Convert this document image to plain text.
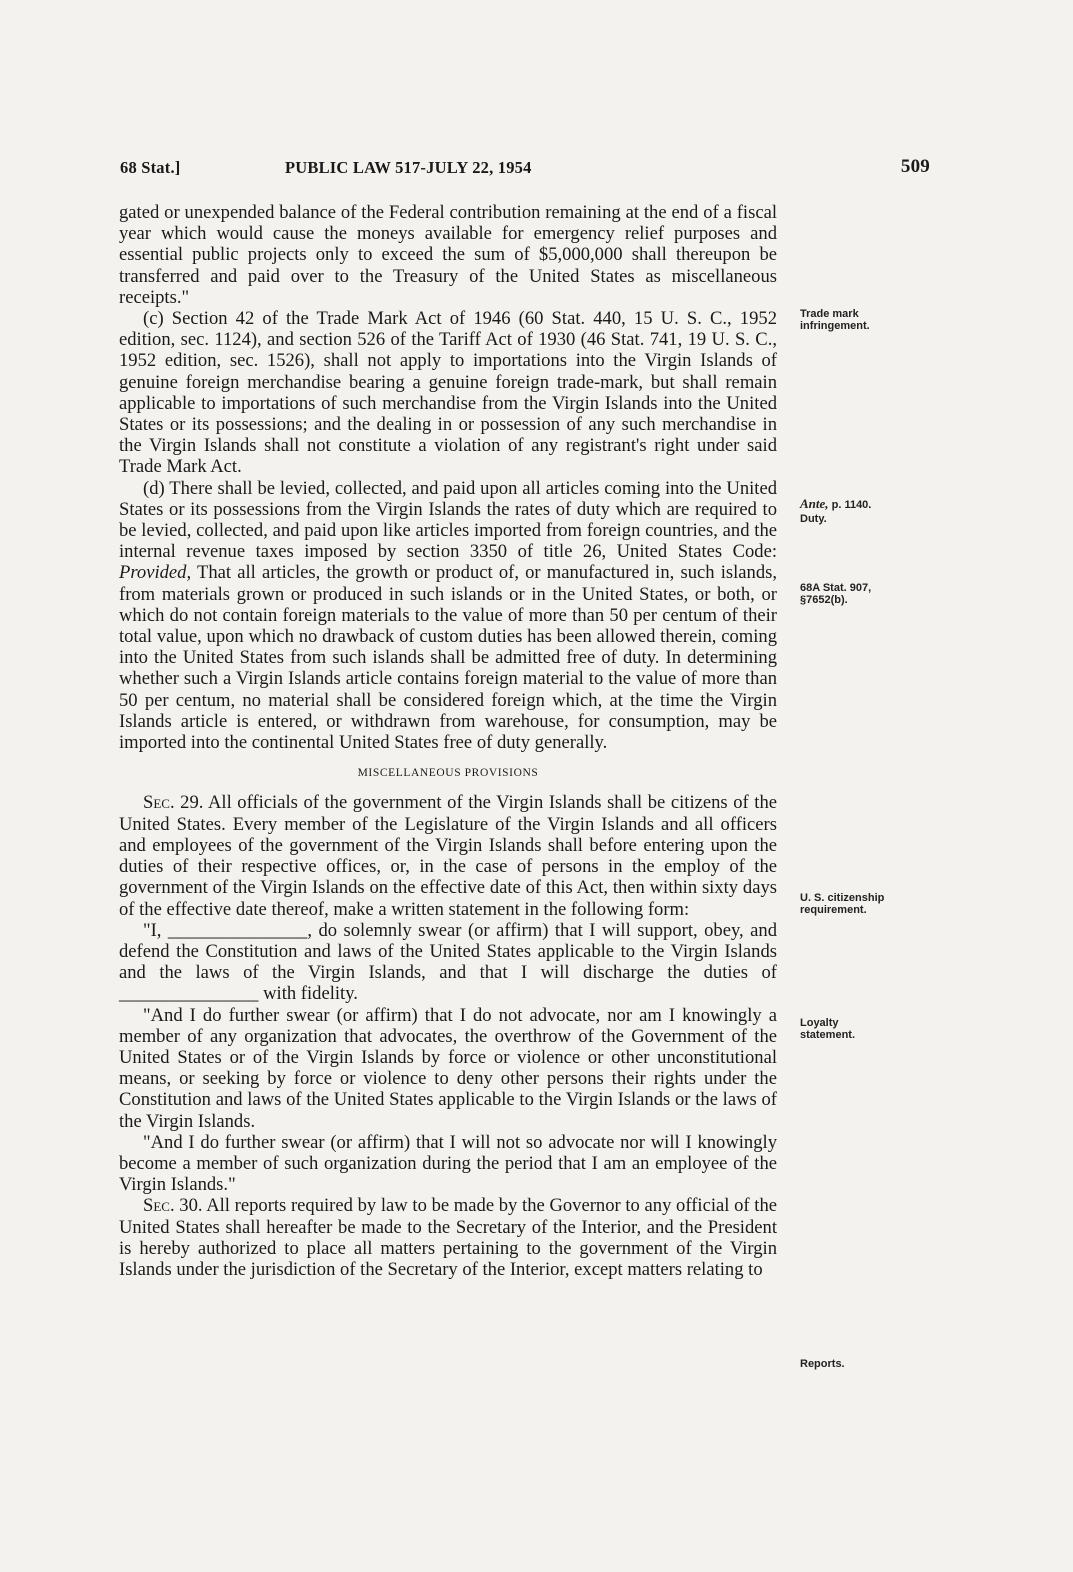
68 Stat.]	PUBLIC LAW 517-JULY 22, 1954	509

gated or unexpended balance of the Federal contribution remaining at the end of a fiscal year which would cause the moneys available for emergency relief purposes and essential public projects only to exceed the sum of $5,000,000 shall thereupon be transferred and paid over to the Treasury of the United States as miscellaneous receipts."

(c) Section 42 of the Trade Mark Act of 1946 (60 Stat. 440, 15 U. S. C., 1952 edition, sec. 1124), and section 526 of the Tariff Act of 1930 (46 Stat. 741, 19 U. S. C., 1952 edition, sec. 1526), shall not apply to importations into the Virgin Islands of genuine foreign merchandise bearing a genuine foreign trade-mark, but shall remain applicable to importations of such merchandise from the Virgin Islands into the United States or its possessions; and the dealing in or possession of any such merchandise in the Virgin Islands shall not constitute a violation of any registrant's right under said Trade Mark Act.

(d) There shall be levied, collected, and paid upon all articles coming into the United States or its possessions from the Virgin Islands the rates of duty which are required to be levied, collected, and paid upon like articles imported from foreign countries, and the internal revenue taxes imposed by section 3350 of title 26, United States Code: Provided, That all articles, the growth or product of, or manufactured in, such islands, from materials grown or produced in such islands or in the United States, or both, or which do not contain foreign materials to the value of more than 50 per centum of their total value, upon which no drawback of custom duties has been allowed therein, coming into the United States from such islands shall be admitted free of duty. In determining whether such a Virgin Islands article contains foreign material to the value of more than 50 per centum, no material shall be considered foreign which, at the time the Virgin Islands article is entered, or withdrawn from warehouse, for consumption, may be imported into the continental United States free of duty generally.

MISCELLANEOUS PROVISIONS

Sec. 29. All officials of the government of the Virgin Islands shall be citizens of the United States. Every member of the Legislature of the Virgin Islands and all officers and employees of the government of the Virgin Islands shall before entering upon the duties of their respective offices, or, in the case of persons in the employ of the government of the Virgin Islands on the effective date of this Act, then within sixty days of the effective date thereof, make a written statement in the following form:

"I, _______________, do solemnly swear (or affirm) that I will support, obey, and defend the Constitution and laws of the United States applicable to the Virgin Islands and the laws of the Virgin Islands, and that I will discharge the duties of _______________ with fidelity.

"And I do further swear (or affirm) that I do not advocate, nor am I knowingly a member of any organization that advocates, the overthrow of the Government of the United States or of the Virgin Islands by force or violence or other unconstitutional means, or seeking by force or violence to deny other persons their rights under the Constitution and laws of the United States applicable to the Virgin Islands or the laws of the Virgin Islands.

"And I do further swear (or affirm) that I will not so advocate nor will I knowingly become a member of such organization during the period that I am an employee of the Virgin Islands."

Sec. 30. All reports required by law to be made by the Governor to any official of the United States shall hereafter be made to the Secretary of the Interior, and the President is hereby authorized to place all matters pertaining to the government of the Virgin Islands under the jurisdiction of the Secretary of the Interior, except matters relating to

Trade mark infringement.
Ante, p. 1140.
Duty.
68A Stat. 907, §7652(b).
U. S. citizenship requirement.
Loyalty statement.
Reports.
